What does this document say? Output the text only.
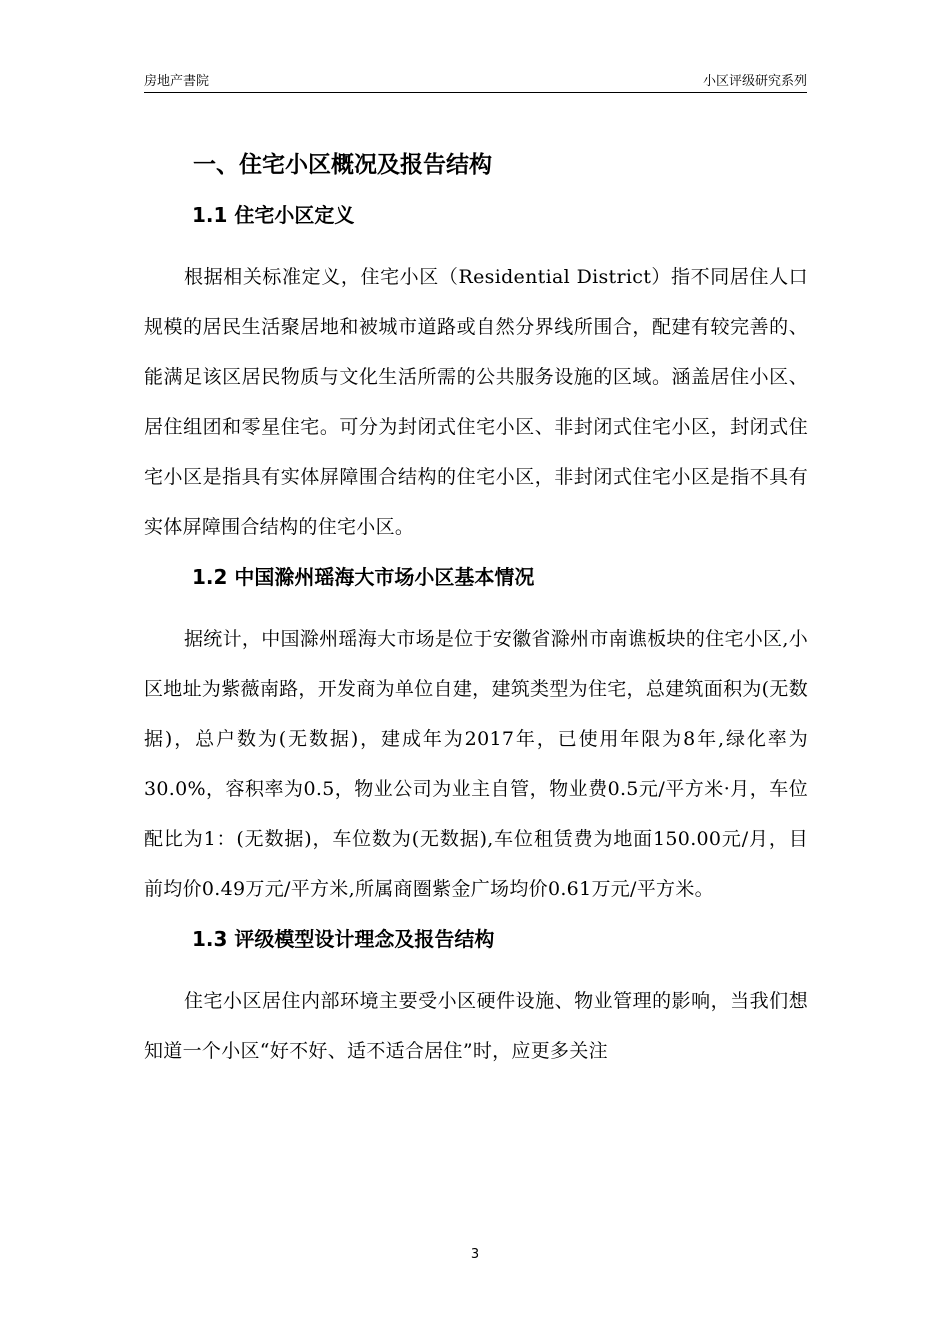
房地产書院	小区评级研究系列
一、住宅小区概况及报告结构
1.1 住宅小区定义

根据相关标准定义，住宅小区（Residential District）指不同居住人口规模的居民生活聚居地和被城市道路或自然分界线所围合，配建有较完善的、能满足该区居民物质与文化生活所需的公共服务设施的区域。涵盖居住小区、居住组团和零星住宅。可分为封闭式住宅小区、非封闭式住宅小区，封闭式住宅小区是指具有实体屏障围合结构的住宅小区，非封闭式住宅小区是指不具有实体屏障围合结构的住宅小区。

1.2 中国滁州瑶海大市场小区基本情况

据统计，中国滁州瑶海大市场是位于安徽省滁州市南谯板块的住宅小区,小区地址为紫薇南路，开发商为单位自建，建筑类型为住宅，总建筑面积为(无数据)，总户数为(无数据)，建成年为2017年，已使用年限为8年,绿化率为30.0%，容积率为0.5，物业公司为业主自管，物业费0.5元/平方米·月，车位配比为1：(无数据)，车位数为(无数据),车位租赁费为地面150.00元/月，目前均价0.49万元/平方米,所属商圈紫金广场均价0.61万元/平方米。

1.3 评级模型设计理念及报告结构

住宅小区居住内部环境主要受小区硬件设施、物业管理的影响，当我们想知道一个小区“好不好、适不适合居住”时，应更多关注

3
